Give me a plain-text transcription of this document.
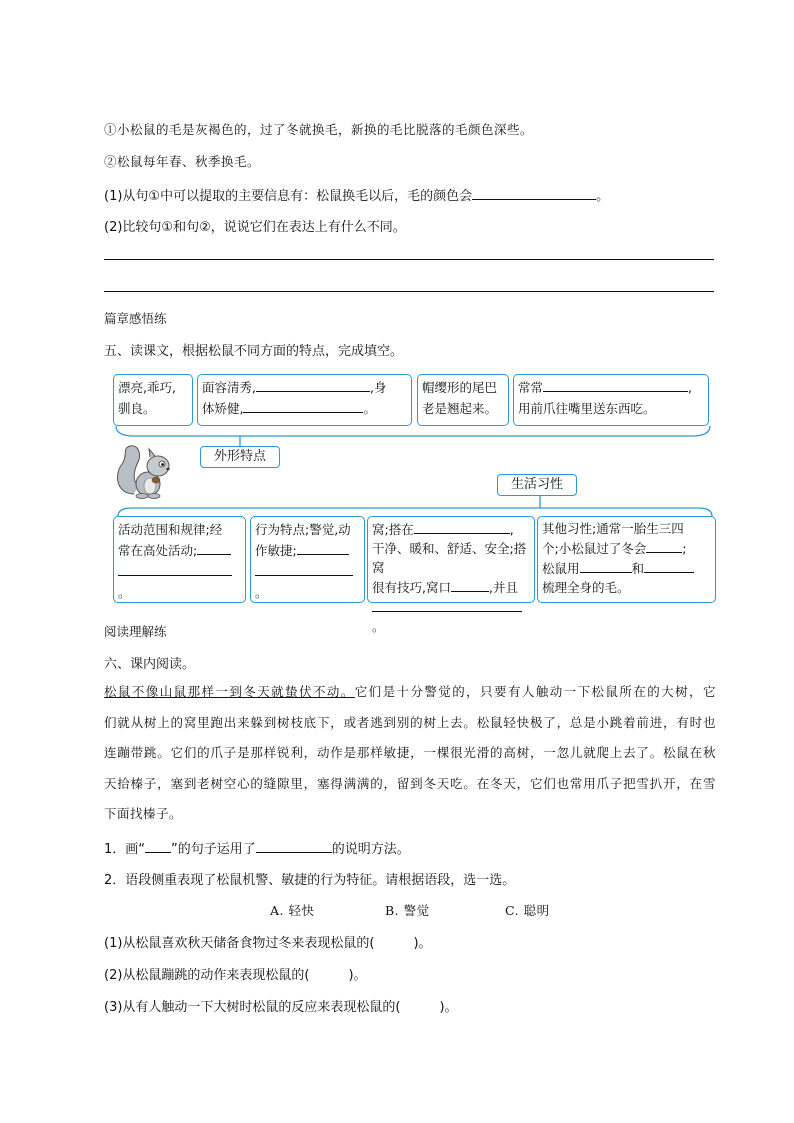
①小松鼠的毛是灰褐色的，过了冬就换毛，新换的毛比脱落的毛颜色深些。
②松鼠每年春、秋季换毛。
(1)从句①中可以提取的主要信息有：松鼠换毛以后，毛的颜色会	。
(2)比较句①和句②，说说它们在表达上有什么不同。
篇章感悟练
五、读课文，根据松鼠不同方面的特点，完成填空。
漂亮,乖巧,
驯良。
面容清秀,	,身
体矫健,	。
帽缨形的尾巴
老是翘起来。
常常	,
用前爪往嘴里送东西吃。
外形特点
生活习性
活动范围和规律;经
常在高处活动;
。
行为特点;警觉,动
作敏捷;
。
窝;搭在	,
干净、暖和、舒适、安全;搭窝
很有技巧,窝口	,并且
。
其他习性;通常一胎生三四
个;小松鼠过了冬会	;
松鼠用	和
梳理全身的毛。
阅读理解练
六、课内阅读。
松鼠不像山鼠那样一到冬天就蛰伏不动。它们是十分警觉的，只要有人触动一下松鼠所在的大树，它
们就从树上的窝里跑出来躲到树枝底下，或者逃到别的树上去。松鼠轻快极了，总是小跳着前进，有时也
连蹦带跳。它们的爪子是那样锐利，动作是那样敏捷，一棵很光滑的高树，一忽儿就爬上去了。松鼠在秋
天拾榛子，塞到老树空心的缝隙里，塞得满满的，留到冬天吃。在冬天，它们也常用爪子把雪扒开，在雪
下面找榛子。
1．画“ ”的句子运用了	的说明方法。
2．语段侧重表现了松鼠机警、敏捷的行为特征。请根据语段，选一选。
A. 轻快	B. 警觉	C. 聪明
(1)从松鼠喜欢秋天储备食物过冬来表现松鼠的(　　　)。
(2)从松鼠蹦跳的动作来表现松鼠的(　　　)。
(3)从有人触动一下大树时松鼠的反应来表现松鼠的(　　　)。
